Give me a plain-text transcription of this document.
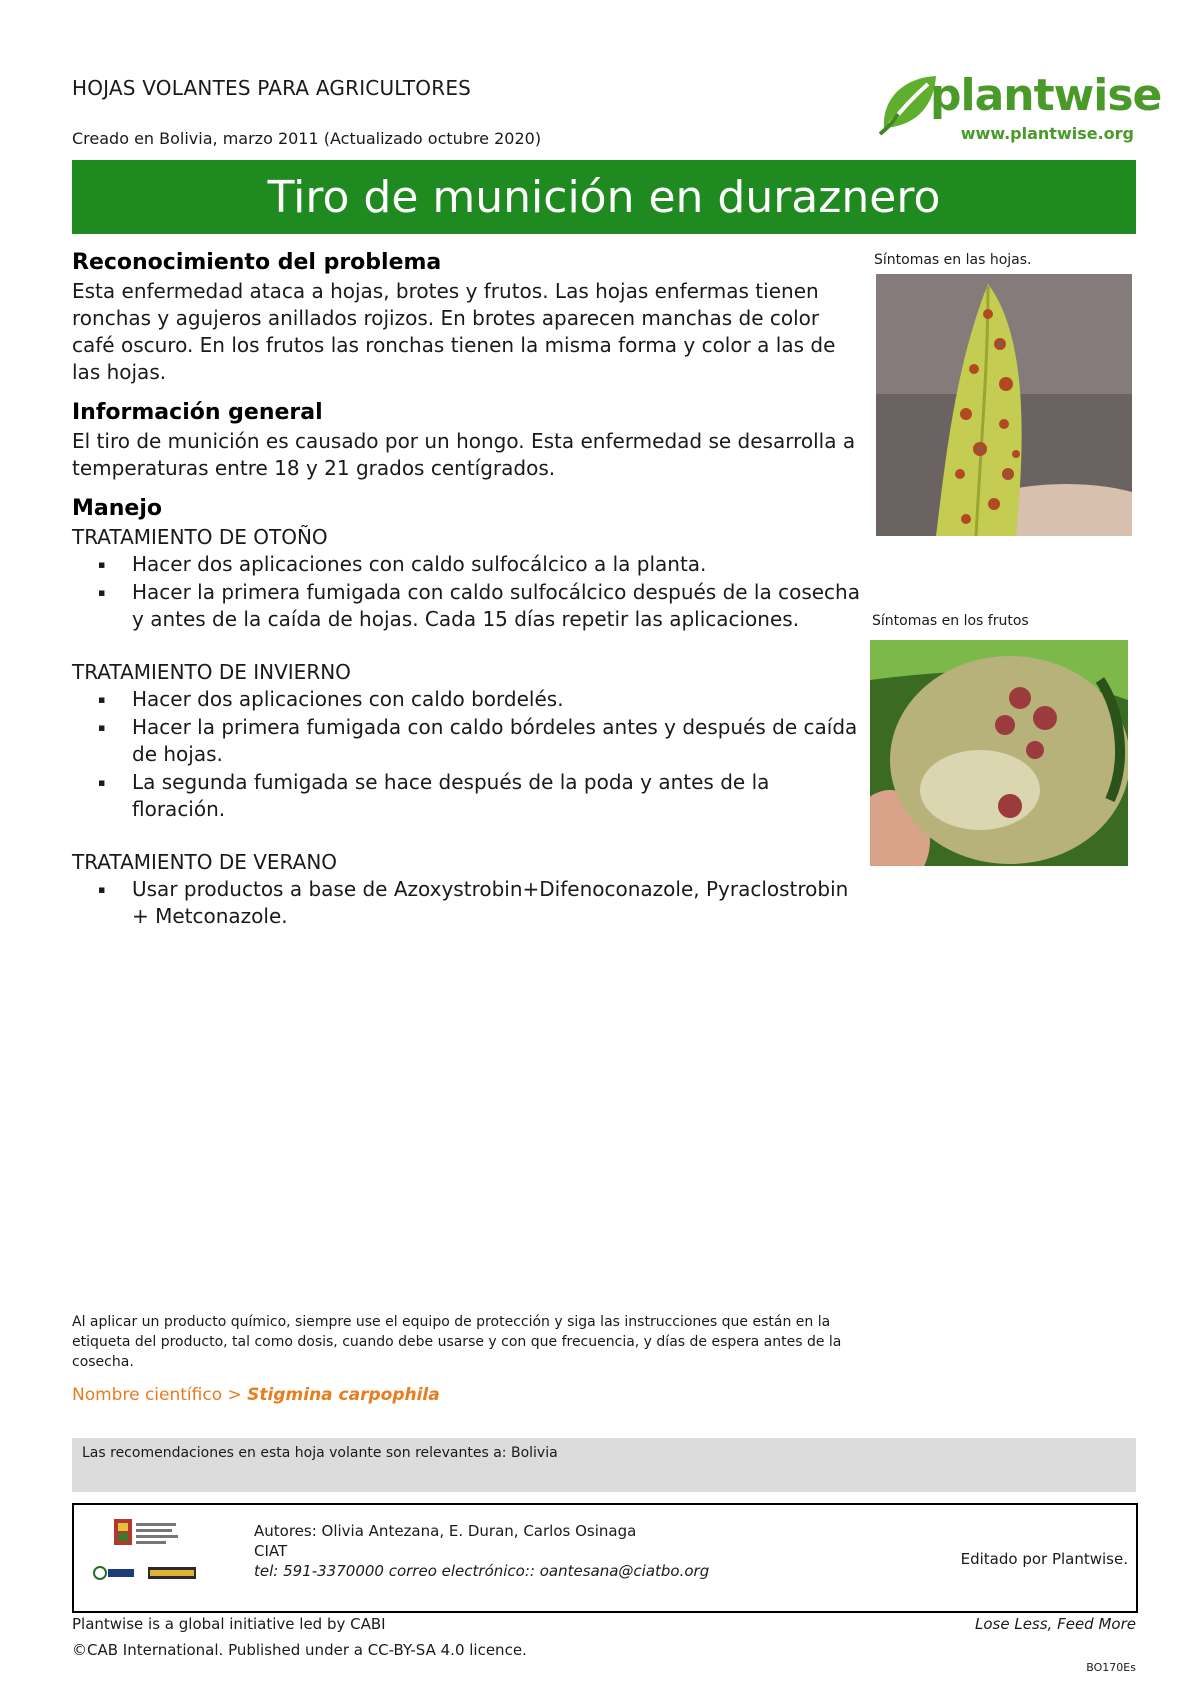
HOJAS VOLANTES PARA AGRICULTORES
Creado en Bolivia, marzo 2011 (Actualizado octubre 2020)
plantwise
www.plantwise.org
Tiro de munición en duraznero
Reconocimiento del problema

Esta enfermedad ataca a hojas, brotes y frutos. Las hojas enfermas tienen ronchas y agujeros anillados rojizos. En brotes aparecen manchas de color café oscuro. En los frutos las ronchas tienen la misma forma y color a las de las hojas.

Información general

El tiro de munición es causado por un hongo. Esta enfermedad se desarrolla a temperaturas entre 18 y 21 grados centígrados.

Manejo

TRATAMIENTO DE OTOÑO

▪ Hacer dos aplicaciones con caldo sulfocálcico a la planta.
▪ Hacer la primera fumigada con caldo sulfocálcico después de la cosecha y antes de la caída de hojas. Cada 15 días repetir las aplicaciones.

TRATAMIENTO DE INVIERNO

▪ Hacer dos aplicaciones con caldo bordelés.
▪ Hacer la primera fumigada con caldo bórdeles antes y después de caída de hojas.
▪ La segunda fumigada se hace después de la poda y antes de la floración.

TRATAMIENTO DE VERANO

▪ Usar productos a base de Azoxystrobin+Difenoconazole, Pyraclostrobin + Metconazole.
Síntomas en las hojas.
Síntomas en los frutos
Al aplicar un producto químico, siempre use el equipo de protección y siga las instrucciones que están en la etiqueta del producto, tal como dosis, cuando debe usarse y con que frecuencia, y días de espera antes de la cosecha.
Nombre científico > Stigmina carpophila
Las recomendaciones en esta hoja volante son relevantes a: Bolivia
Autores: Olivia Antezana, E. Duran, Carlos Osinaga
CIAT
tel: 591-3370000 correo electrónico:: oantesana@ciatbo.org
Editado por Plantwise.
Plantwise is a global initiative led by CABI
©CAB International. Published under a CC-BY-SA 4.0 licence.
Lose Less, Feed More
BO170Es
